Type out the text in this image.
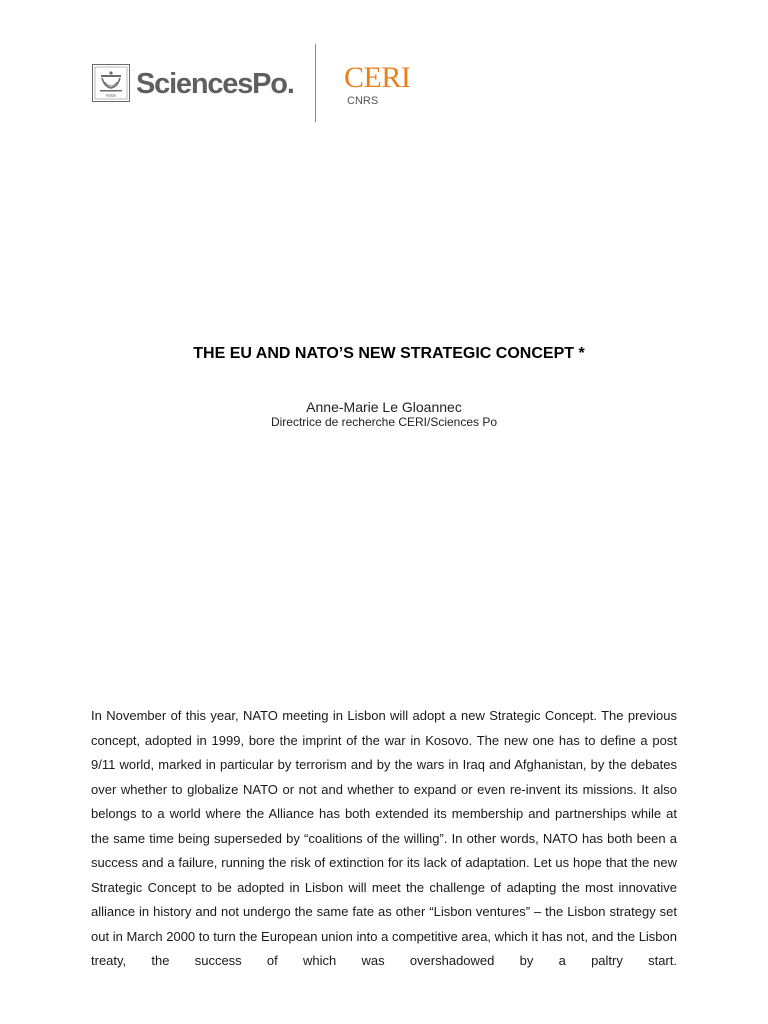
PARIS SciencesPo. CERI
CNRS
THE EU AND NATO’S NEW STRATEGIC CONCEPT *
Anne-Marie Le Gloannec
Directrice de recherche CERI/Sciences Po

In November of this year, NATO meeting in Lisbon will adopt a new Strategic Concept. The previous concept, adopted in 1999, bore the imprint of the war in Kosovo. The new one has to define a post 9/11 world, marked in particular by terrorism and by the wars in Iraq and Afghanistan, by the debates over whether to globalize NATO or not and whether to expand or even re-invent its missions. It also belongs to a world where the Alliance has both extended its membership and partnerships while at the same time being superseded by “coalitions of the willing”. In other words, NATO has both been a success and a failure, running the risk of extinction for its lack of adaptation. Let us hope that the new Strategic Concept to be adopted in Lisbon will meet the challenge of adapting the most innovative alliance in history and not undergo the same fate as other “Lisbon ventures” – the Lisbon strategy set out in March 2000 to turn the European union into a competitive area, which it has not, and the Lisbon treaty, the success of which was overshadowed by a paltry start.
